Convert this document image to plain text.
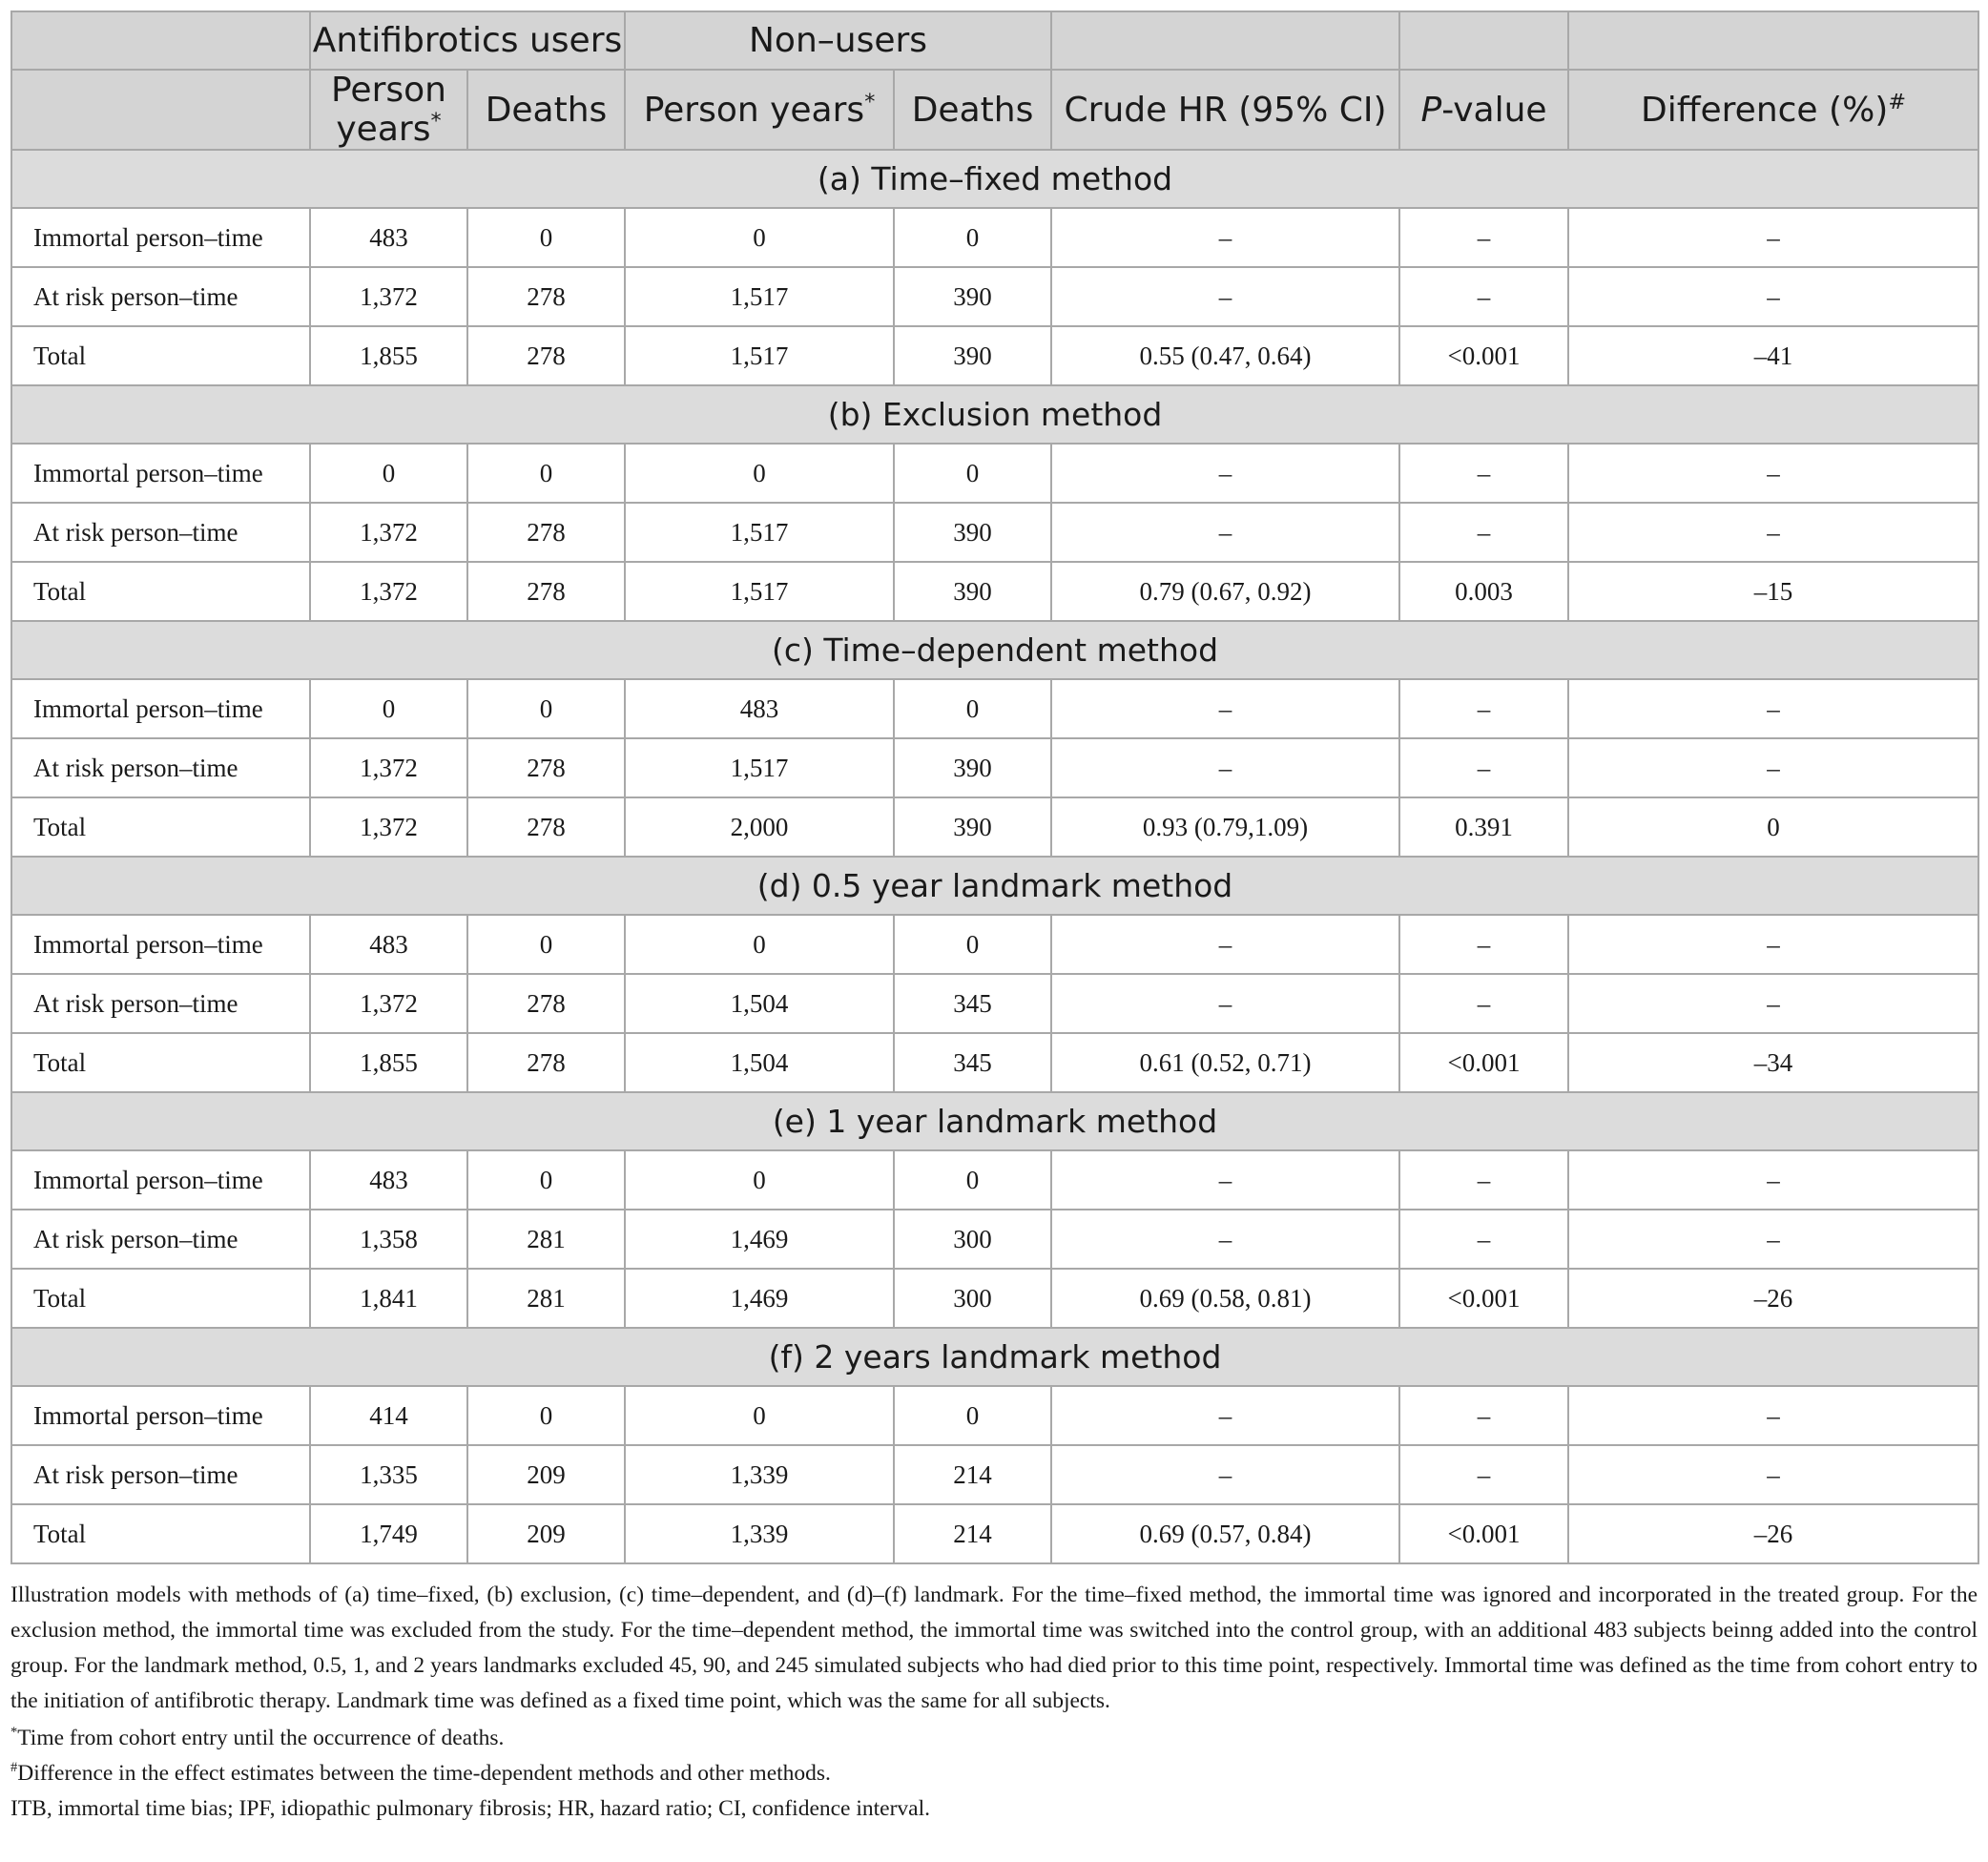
	Antifibrotics users		Non–users				
	Person years*	Deaths	Person years*	Deaths	Crude HR (95% CI)	P-value	Difference (%)#
(a) Time–fixed method							
Immortal person–time	483	0	0	0	–	–	–
At risk person–time	1,372	278	1,517	390	–	–	–
Total	1,855	278	1,517	390	0.55 (0.47, 0.64)	<0.001	–41
(b) Exclusion method							
Immortal person–time	0	0	0	0	–	–	–
At risk person–time	1,372	278	1,517	390	–	–	–
Total	1,372	278	1,517	390	0.79 (0.67, 0.92)	0.003	–15
(c) Time–dependent method							
Immortal person–time	0	0	483	0	–	–	–
At risk person–time	1,372	278	1,517	390	–	–	–
Total	1,372	278	2,000	390	0.93 (0.79,1.09)	0.391	0
(d) 0.5 year landmark method							
Immortal person–time	483	0	0	0	–	–	–
At risk person–time	1,372	278	1,504	345	–	–	–
Total	1,855	278	1,504	345	0.61 (0.52, 0.71)	<0.001	–34
(e) 1 year landmark method							
Immortal person–time	483	0	0	0	–	–	–
At risk person–time	1,358	281	1,469	300	–	–	–
Total	1,841	281	1,469	300	0.69 (0.58, 0.81)	<0.001	–26
(f) 2 years landmark method							
Immortal person–time	414	0	0	0	–	–	–
At risk person–time	1,335	209	1,339	214	–	–	–
Total	1,749	209	1,339	214	0.69 (0.57, 0.84)	<0.001	–26

Illustration models with methods of (a) time–fixed, (b) exclusion, (c) time–dependent, and (d)–(f) landmark. For the time–fixed method, the immortal time was ignored and incorporated in the treated group. For the exclusion method, the immortal time was excluded from the study. For the time–dependent method, the immortal time was switched into the control group, with an additional 483 subjects beinng added into the control group. For the landmark method, 0.5, 1, and 2 years landmarks excluded 45, 90, and 245 simulated subjects who had died prior to this time point, respectively. Immortal time was defined as the time from cohort entry to the initiation of antifibrotic therapy. Landmark time was defined as a fixed time point, which was the same for all subjects.

*Time from cohort entry until the occurrence of deaths.

#Difference in the effect estimates between the time-dependent methods and other methods.

ITB, immortal time bias; IPF, idiopathic pulmonary fibrosis; HR, hazard ratio; CI, confidence interval.
